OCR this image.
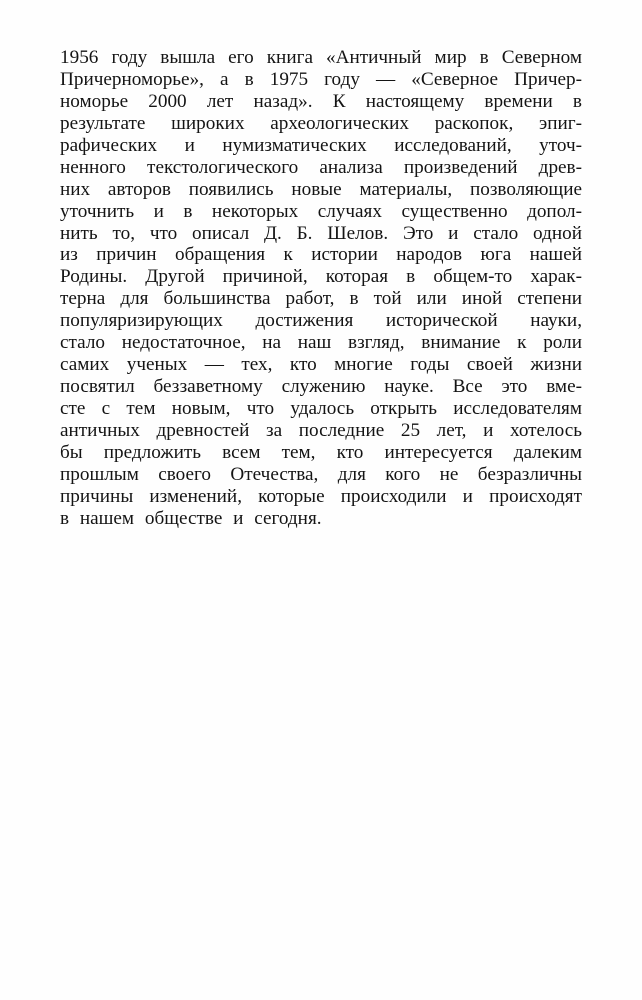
1956 году вышла его книга «Античный мир в Северном
Причерноморье», а в 1975 году — «Северное Причер-
номорье 2000 лет назад». К настоящему времени в
результате широких археологических раскопок, эпиг-
рафических и нумизматических исследований, уточ-
ненного текстологического анализа произведений древ-
них авторов появились новые материалы, позволяющие
уточнить и в некоторых случаях существенно допол-
нить то, что описал Д. Б. Шелов. Это и стало одной
из причин обращения к истории народов юга нашей
Родины. Другой причиной, которая в общем-то харак-
терна для большинства работ, в той или иной степени
популяризирующих достижения исторической науки,
стало недостаточное, на наш взгляд, внимание к роли
самих ученых — тех, кто многие годы своей жизни
посвятил беззаветному служению науке. Все это вме-
сте с тем новым, что удалось открыть исследователям
античных древностей за последние 25 лет, и хотелось
бы предложить всем тем, кто интересуется далеким
прошлым своего Отечества, для кого не безразличны
причины изменений, которые происходили и происходят
в нашем обществе и сегодня.
